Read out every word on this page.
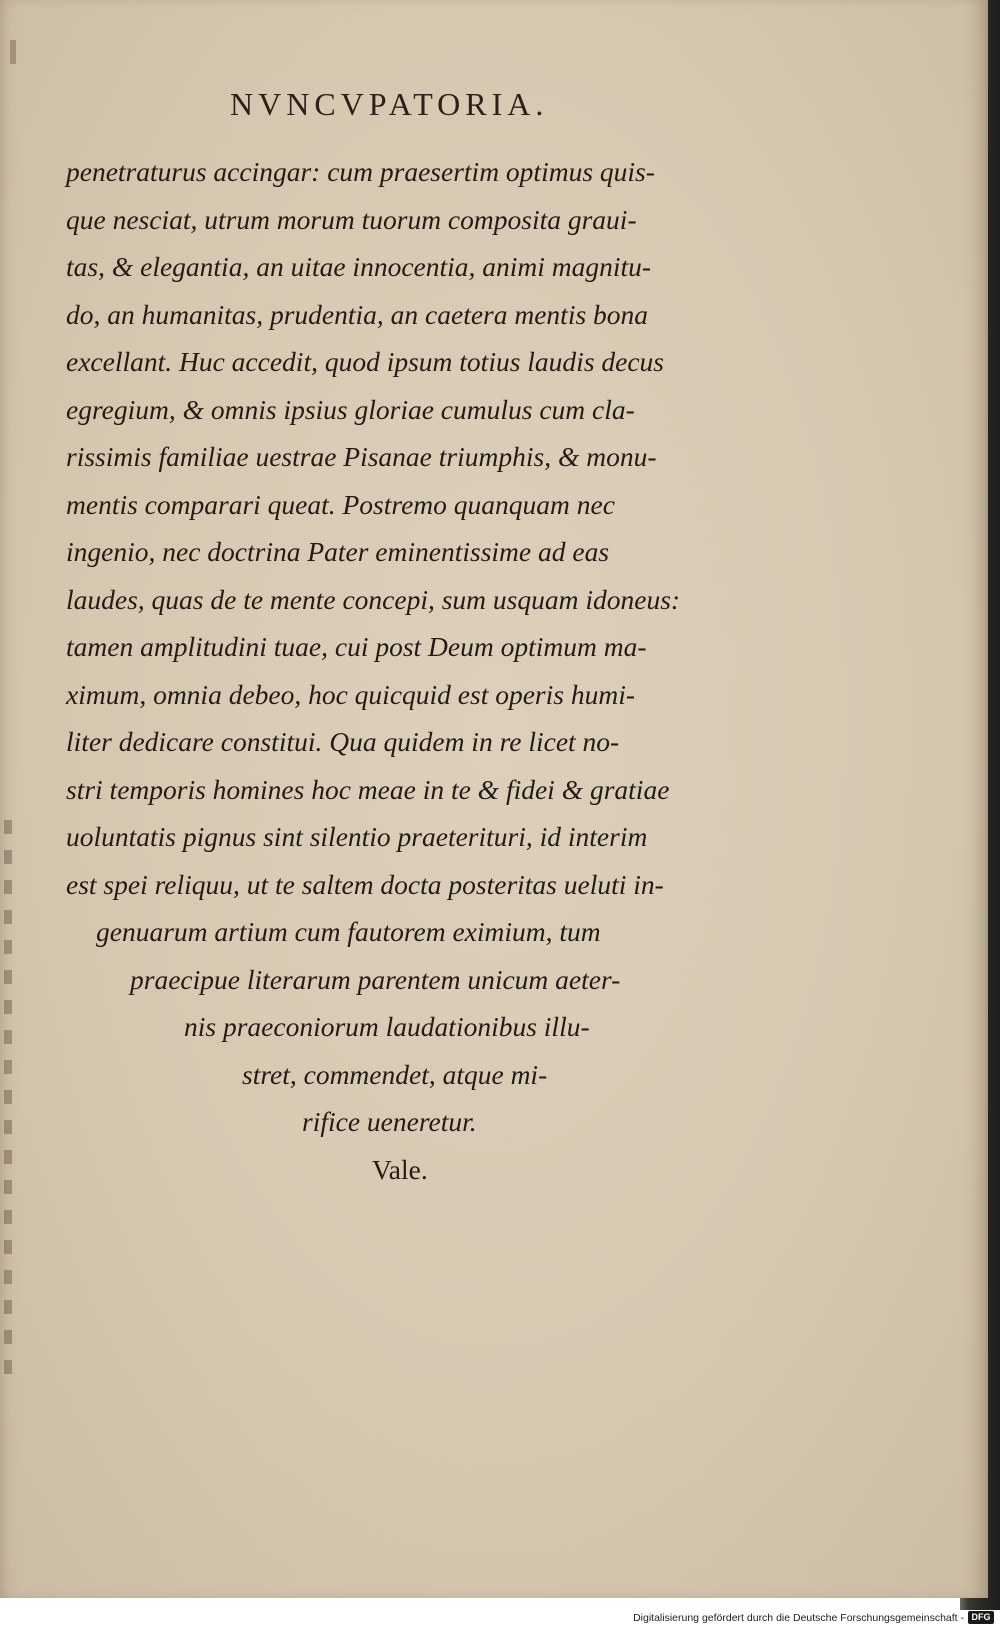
NVNCVPATORIA.
penetraturus accingar: cum praesertim optimus quis-
que nesciat, utrum morum tuorum composita graui-
tas, & elegantia, an uitae innocentia, animi magnitu-
do, an humanitas, prudentia, an caetera mentis bona
excellant. Huc accedit, quod ipsum totius laudis decus
egregium, & omnis ipsius gloriae cumulus cum cla-
rissimis familiae uestrae Pisanae triumphis, & monu-
mentis comparari queat. Postremo quanquam nec
ingenio, nec doctrina Pater eminentissime ad eas
laudes, quas de te mente concepi, sum usquam idoneus:
tamen amplitudini tuae, cui post Deum optimum ma-
ximum, omnia debeo, hoc quicquid est operis humi-
liter dedicare constitui. Qua quidem in re licet no-
stri temporis homines hoc meae in te & fidei & gratiae
uoluntatis pignus sint silentio praeterituri, id interim
est spei reliquu, ut te saltem docta posteritas ueluti in-
genuarum artium cum fautorem eximium, tum
praecipue literarum parentem unicum aeter-
nis praeconiorum laudationibus illu-
stret, commendet, atque mi-
rifice ueneretur.
Vale.
Digitalisierung gefördert durch die Deutsche Forschungsgemeinschaft - DFG
